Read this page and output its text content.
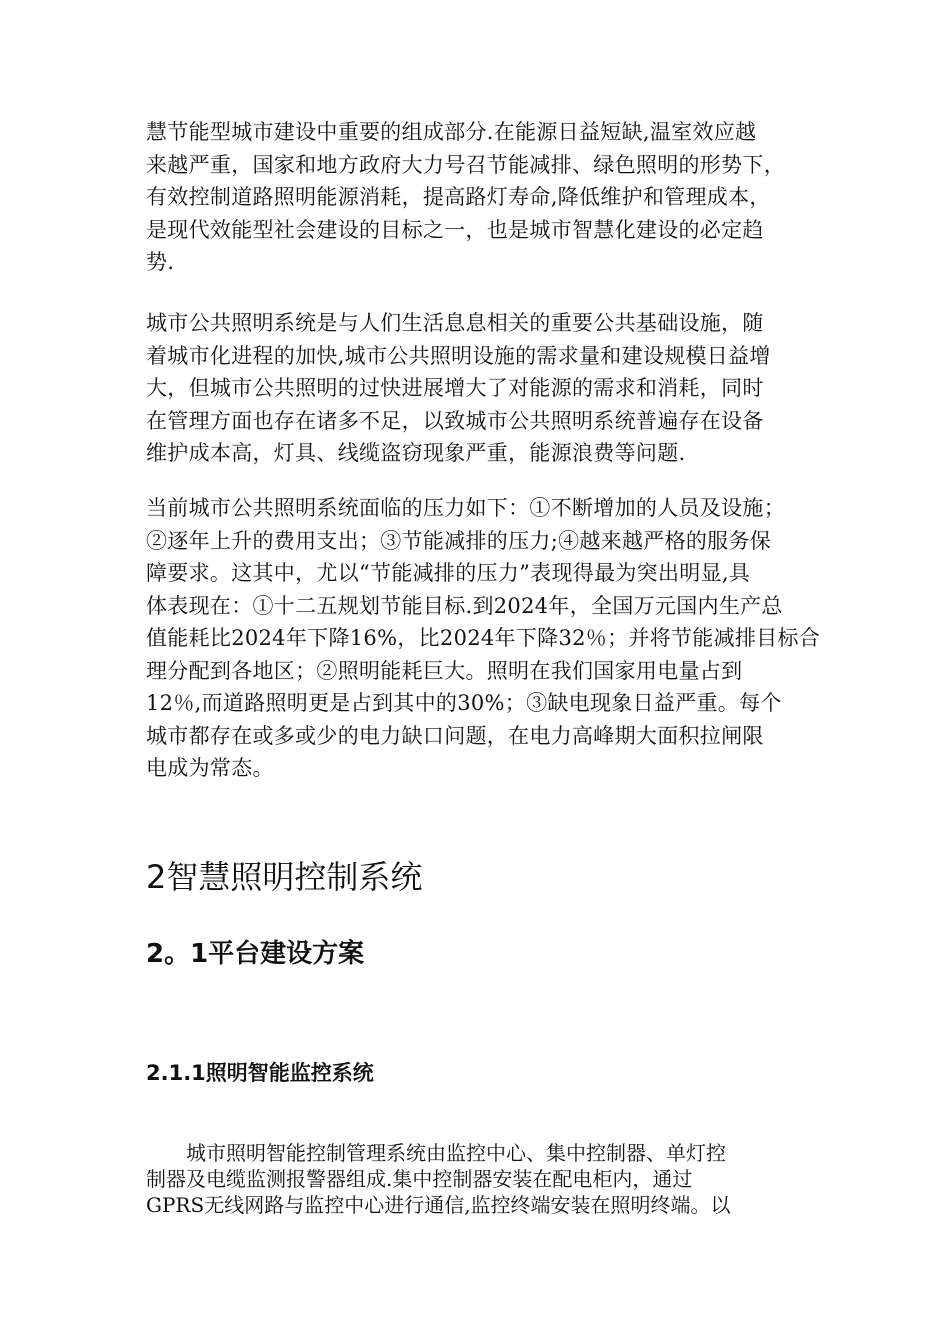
慧节能型城市建设中重要的组成部分.在能源日益短缺,温室效应越
来越严重，国家和地方政府大力号召节能减排、绿色照明的形势下，
有效控制道路照明能源消耗，提高路灯寿命,降低维护和管理成本，
是现代效能型社会建设的目标之一，也是城市智慧化建设的必定趋
势.
城市公共照明系统是与人们生活息息相关的重要公共基础设施，随
着城市化进程的加快,城市公共照明设施的需求量和建设规模日益增
大，但城市公共照明的过快进展增大了对能源的需求和消耗，同时
在管理方面也存在诸多不足，以致城市公共照明系统普遍存在设备
维护成本高，灯具、线缆盗窃现象严重，能源浪费等问题.
当前城市公共照明系统面临的压力如下：①不断增加的人员及设施；
②逐年上升的费用支出；③节能减排的压力;④越来越严格的服务保
障要求。这其中，尤以“节能减排的压力”表现得最为突出明显,具
体表现在：①十二五规划节能目标.到2024年，全国万元国内生产总
值能耗比2024年下降16%，比2024年下降32％；并将节能减排目标合
理分配到各地区；②照明能耗巨大。照明在我们国家用电量占到
12％,而道路照明更是占到其中的30%；③缺电现象日益严重。每个
城市都存在或多或少的电力缺口问题，在电力高峰期大面积拉闸限
电成为常态。
2智慧照明控制系统
2。1平台建设方案
2.1.1照明智能监控系统
　　城市照明智能控制管理系统由监控中心、集中控制器、单灯控
制器及电缆监测报警器组成.集中控制器安装在配电柜内，通过
GPRS无线网路与监控中心进行通信,监控终端安装在照明终端。以
